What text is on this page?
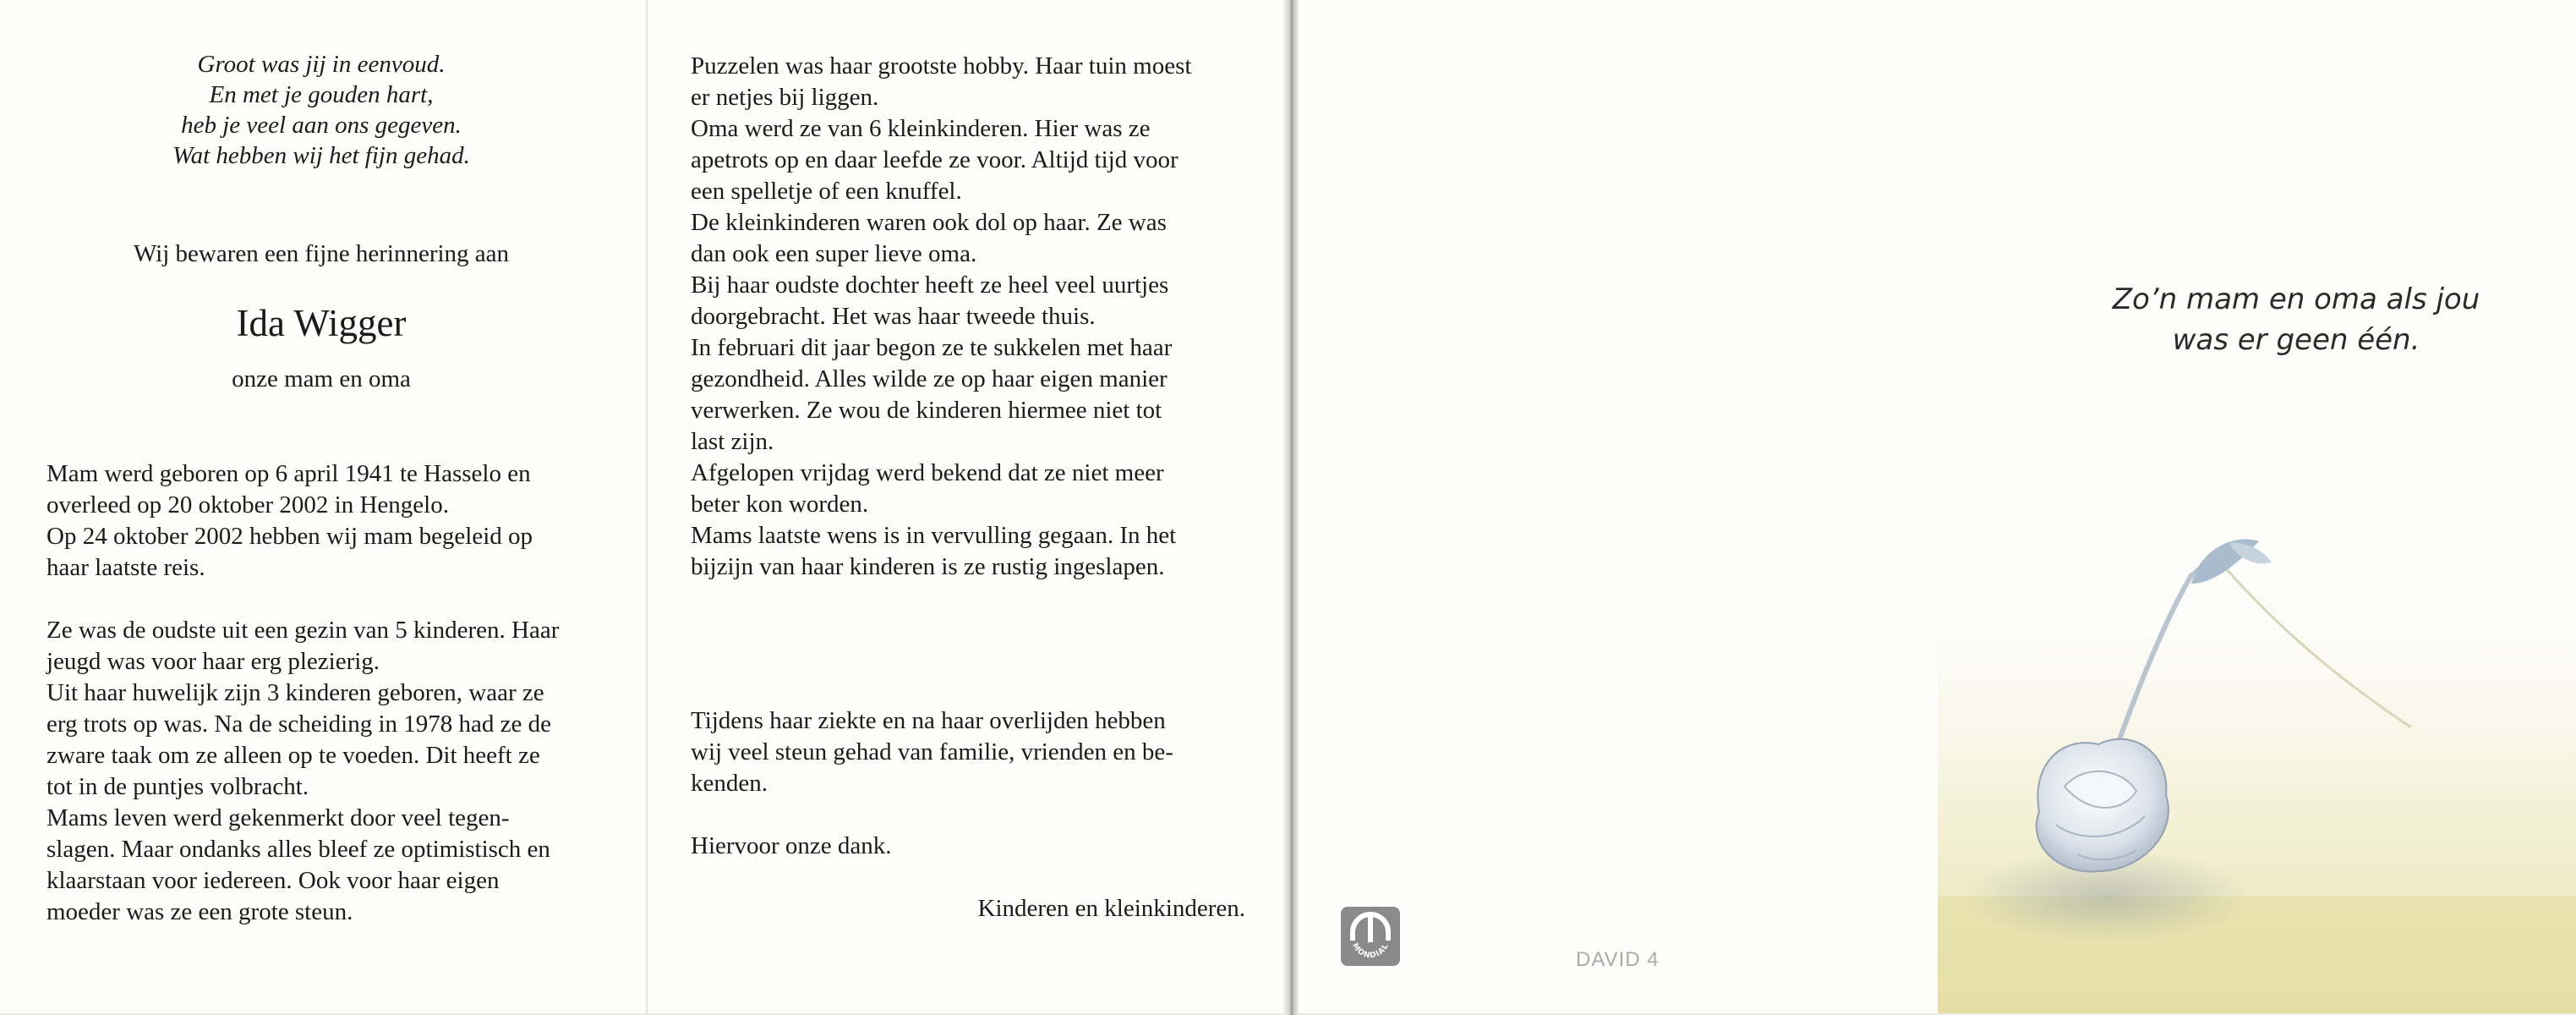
Groot was jij in eenvoud.
En met je gouden hart,
heb je veel aan ons gegeven.
Wat hebben wij het fijn gehad.
Wij bewaren een fijne herinnering aan
Ida Wigger
onze mam en oma
Mam werd geboren op 6 april 1941 te Hasselo en
overleed op 20 oktober 2002 in Hengelo.
Op 24 oktober 2002 hebben wij mam begeleid op
haar laatste reis.
Ze was de oudste uit een gezin van 5 kinderen. Haar
jeugd was voor haar erg plezierig.
Uit haar huwelijk zijn 3 kinderen geboren, waar ze
erg trots op was. Na de scheiding in 1978 had ze de
zware taak om ze alleen op te voeden. Dit heeft ze
tot in de puntjes volbracht.
Mams leven werd gekenmerkt door veel tegen-
slagen. Maar ondanks alles bleef ze optimistisch en
klaarstaan voor iedereen. Ook voor haar eigen
moeder was ze een grote steun.
Puzzelen was haar grootste hobby. Haar tuin moest
er netjes bij liggen.
Oma werd ze van 6 kleinkinderen. Hier was ze
apetrots op en daar leefde ze voor. Altijd tijd voor
een spelletje of een knuffel.
De kleinkinderen waren ook dol op haar. Ze was
dan ook een super lieve oma.
Bij haar oudste dochter heeft ze heel veel uurtjes
doorgebracht. Het was haar tweede thuis.
In februari dit jaar begon ze te sukkelen met haar
gezondheid. Alles wilde ze op haar eigen manier
verwerken. Ze wou de kinderen hiermee niet tot
last zijn.
Afgelopen vrijdag werd bekend dat ze niet meer
beter kon worden.
Mams laatste wens is in vervulling gegaan. In het
bijzijn van haar kinderen is ze rustig ingeslapen.
Tijdens haar ziekte en na haar overlijden hebben
wij veel steun gehad van familie, vrienden en be-
kenden.
Hiervoor onze dank.
Kinderen en kleinkinderen.
MONDIAL
DAVID 4
Zo’n mam en oma als jou
was er geen één.
